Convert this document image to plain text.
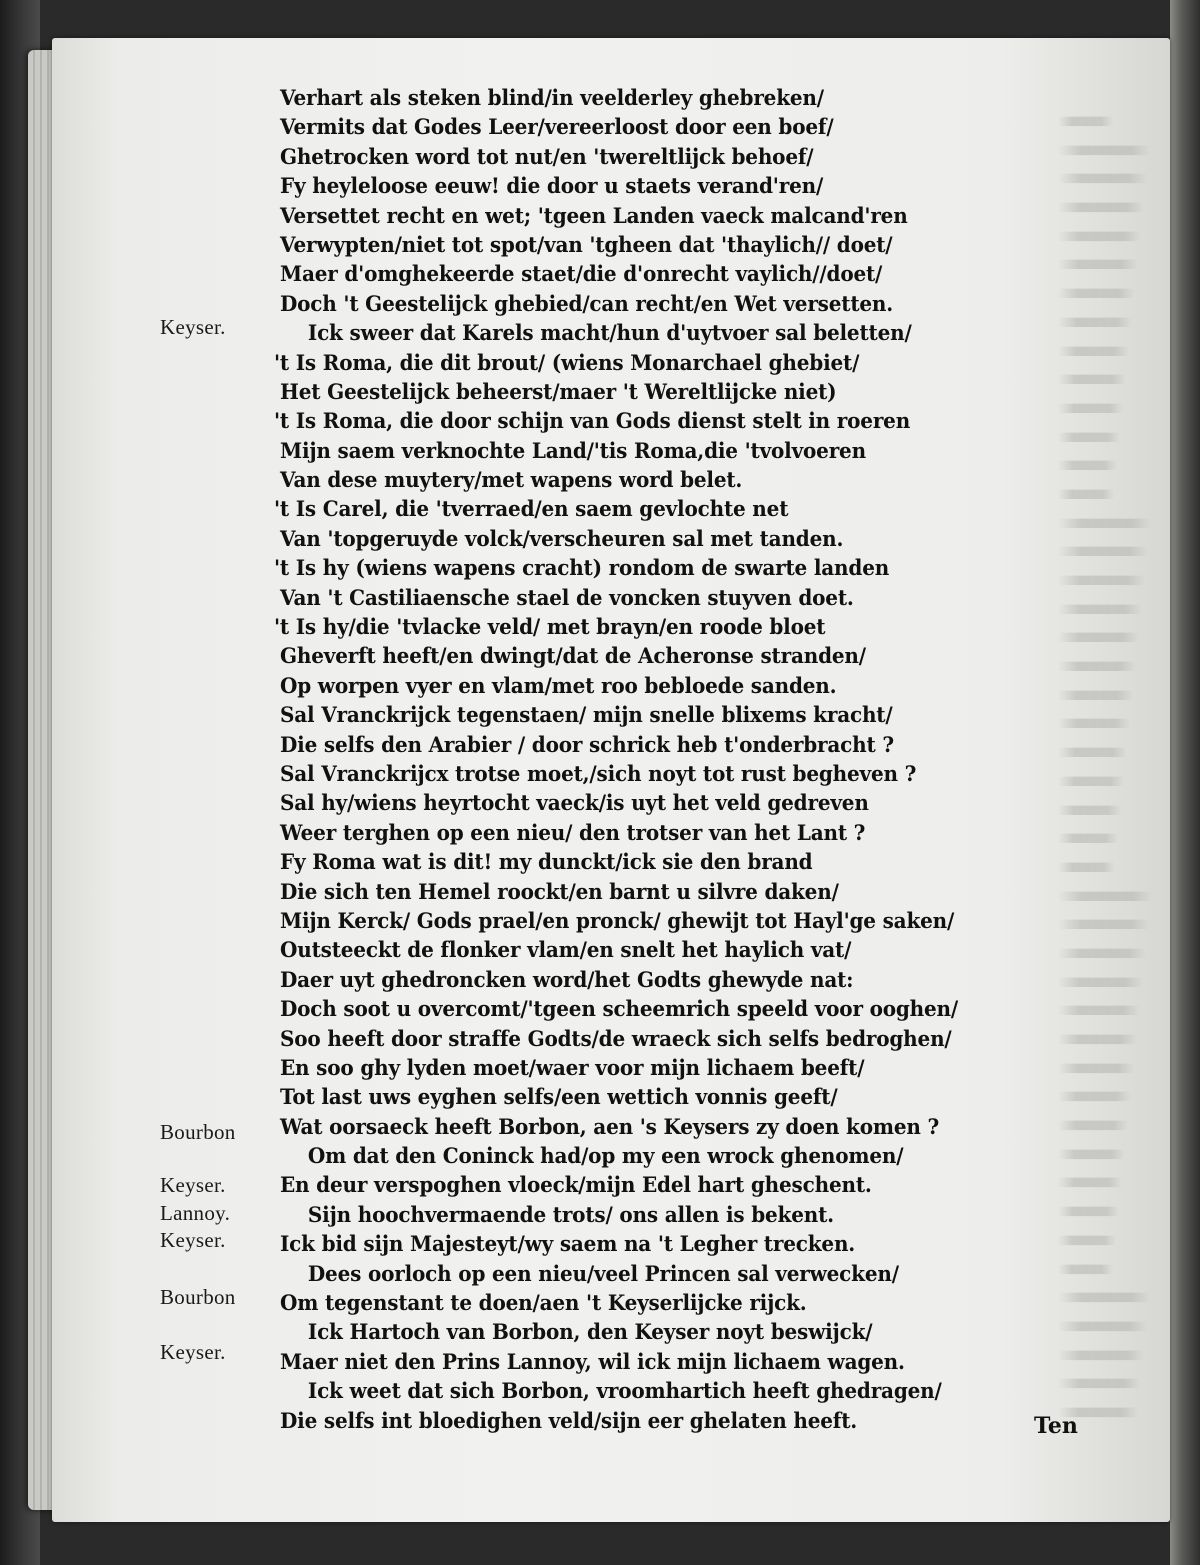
Keyser.
Bourbon
Keyser.
Lannoy.
Keyser.
Bourbon
Keyser.
Verhart als steken blind/in veelderley ghebreken/
Vermits dat Godes Leer/vereerloost door een boef/
Ghetrocken word tot nut/en 'twereltlijck behoef/
Fy heyleloose eeuw! die door u staets verand'ren/
Versettet recht en wet; 'tgeen Landen vaeck malcand'ren
Verwypten/niet tot spot/van 'tgheen dat 'thaylich// doet/
Maer d'omghekeerde staet/die d'onrecht vaylich//doet/
Doch 't Geestelijck ghebied/can recht/en Wet versetten.
Ick sweer dat Karels macht/hun d'uytvoer sal beletten/
't Is Roma, die dit brout/ (wiens Monarchael ghebiet/
Het Geestelijck beheerst/maer 't Wereltlijcke niet)
't Is Roma, die door schijn van Gods dienst stelt in roeren
Mijn saem verknochte Land/'tis Roma,die 'tvolvoeren
Van dese muytery/met wapens word belet.
't Is Carel, die 'tverraed/en saem gevlochte net
Van 'topgeruyde volck/verscheuren sal met tanden.
't Is hy (wiens wapens cracht) rondom de swarte landen
Van 't Castiliaensche stael de voncken stuyven doet.
't Is hy/die 'tvlacke veld/ met brayn/en roode bloet
Gheverft heeft/en dwingt/dat de Acheronse stranden/
Op worpen vyer en vlam/met roo bebloede sanden.
Sal Vranckrijck tegenstaen/ mijn snelle blixems kracht/
Die selfs den Arabier / door schrick heb t'onderbracht ?
Sal Vranckrijcx trotse moet,/sich noyt tot rust begheven ?
Sal hy/wiens heyrtocht vaeck/is uyt het veld gedreven
Weer terghen op een nieu/ den trotser van het Lant ?
Fy Roma wat is dit! my dunckt/ick sie den brand
Die sich ten Hemel roockt/en barnt u silvre daken/
Mijn Kerck/ Gods prael/en pronck/ ghewijt tot Hayl'ge saken/
Outsteeckt de flonker vlam/en snelt het haylich vat/
Daer uyt ghedroncken word/het Godts ghewyde nat:
Doch soot u overcomt/'tgeen scheemrich speeld voor ooghen/
Soo heeft door straffe Godts/de wraeck sich selfs bedroghen/
En soo ghy lyden moet/waer voor mijn lichaem beeft/
Tot last uws eyghen selfs/een wettich vonnis geeft/
Wat oorsaeck heeft Borbon, aen 's Keysers zy doen komen ?
Om dat den Coninck had/op my een wrock ghenomen/
En deur verspoghen vloeck/mijn Edel hart gheschent.
Sijn hoochvermaende trots/ ons allen is bekent.
Ick bid sijn Majesteyt/wy saem na 't Legher trecken.
Dees oorloch op een nieu/veel Princen sal verwecken/
Om tegenstant te doen/aen 't Keyserlijcke rijck.
Ick Hartoch van Borbon, den Keyser noyt beswijck/
Maer niet den Prins Lannoy, wil ick mijn lichaem wagen.
Ick weet dat sich Borbon, vroomhartich heeft ghedragen/
Die selfs int bloedighen veld/sijn eer ghelaten heeft.	Ten
